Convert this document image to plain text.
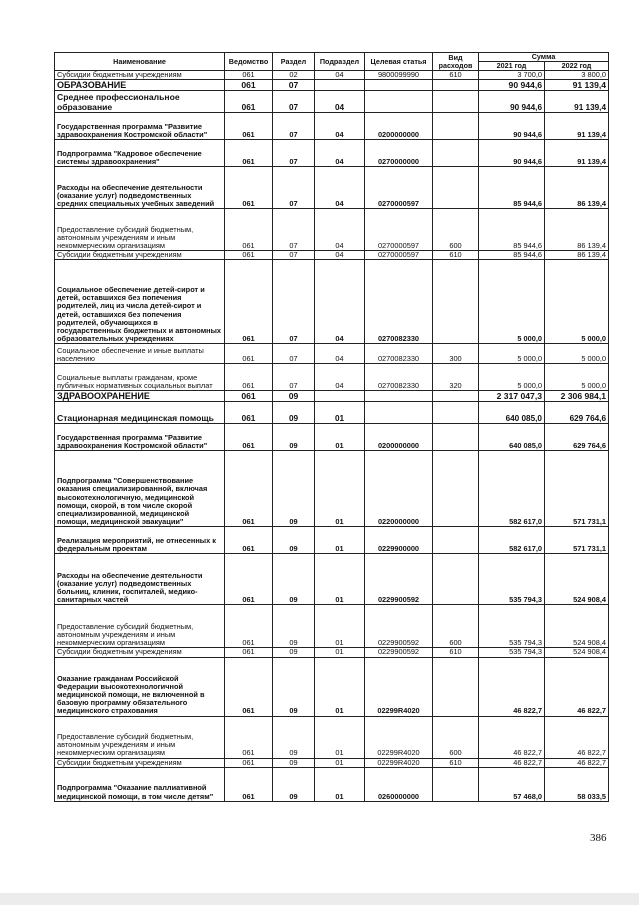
Наименование	Ведомство	Раздел	Подраздел	Целевая статья	Вид расходов	Сумма	
						2021 год	2022 год
Субсидии бюджетным учреждениям	061	02	04	9800099990	610	3 700,0	3 800,0
ОБРАЗОВАНИЕ	061	07				90 944,6	91 139,4
Среднее профессиональное образование	061	07	04			90 944,6	91 139,4
Государственная программа "Развитие здравоохранения Костромской области"	061	07	04	0200000000		90 944,6	91 139,4
Подпрограмма "Кадровое обеспечение системы здравоохранения"	061	07	04	0270000000		90 944,6	91 139,4
Расходы на обеспечение деятельности (оказание услуг) подведомственных средних специальных учебных заведений	061	07	04	0270000597		85 944,6	86 139,4
Предоставление субсидий бюджетным, автономным учреждениям и иным некоммерческим организациям	061	07	04	0270000597	600	85 944,6	86 139,4
Субсидии бюджетным учреждениям	061	07	04	0270000597	610	85 944,6	86 139,4
Социальное обеспечение детей-сирот и детей, оставшихся без попечения родителей, лиц из числа детей-сирот и детей, оставшихся без попечения родителей, обучающихся в государственных бюджетных и автономных образовательных учреждениях	061	07	04	0270082330		5 000,0	5 000,0
Социальное обеспечение и иные выплаты населению	061	07	04	0270082330	300	5 000,0	5 000,0
Социальные выплаты гражданам, кроме публичных нормативных социальных выплат	061	07	04	0270082330	320	5 000,0	5 000,0
ЗДРАВООХРАНЕНИЕ	061	09				2 317 047,3	2 306 984,1
Стационарная медицинская помощь	061	09	01			640 085,0	629 764,6
Государственная программа "Развитие здравоохранения Костромской области"	061	09	01	0200000000		640 085,0	629 764,6
Подпрограмма "Совершенствование оказания специализированной, включая высокотехнологичную, медицинской помощи, скорой, в том числе скорой специализированной, медицинской помощи, медицинской эвакуации"	061	09	01	0220000000		582 617,0	571 731,1
Реализация мероприятий, не отнесенных к федеральным проектам	061	09	01	0229900000		582 617,0	571 731,1
Расходы на обеспечение деятельности (оказание услуг) подведомственных больниц, клиник, госпиталей, медико-санитарных частей	061	09	01	0229900592		535 794,3	524 908,4
Предоставление субсидий бюджетным, автономным учреждениям и иным некоммерческим организациям	061	09	01	0229900592	600	535 794,3	524 908,4
Субсидии бюджетным учреждениям	061	09	01	0229900592	610	535 794,3	524 908,4
Оказание гражданам Российской Федерации высокотехнологичной медицинской помощи, не включенной в базовую программу обязательного медицинского страхования	061	09	01	02299R4020		46 822,7	46 822,7
Предоставление субсидий бюджетным, автономным учреждениям и иным некоммерческим организациям	061	09	01	02299R4020	600	46 822,7	46 822,7
Субсидии бюджетным учреждениям	061	09	01	02299R4020	610	46 822,7	46 822,7
Подпрограмма "Оказание паллиативной медицинской помощи, в том числе детям"	061	09	01	0260000000		57 468,0	58 033,5
386
